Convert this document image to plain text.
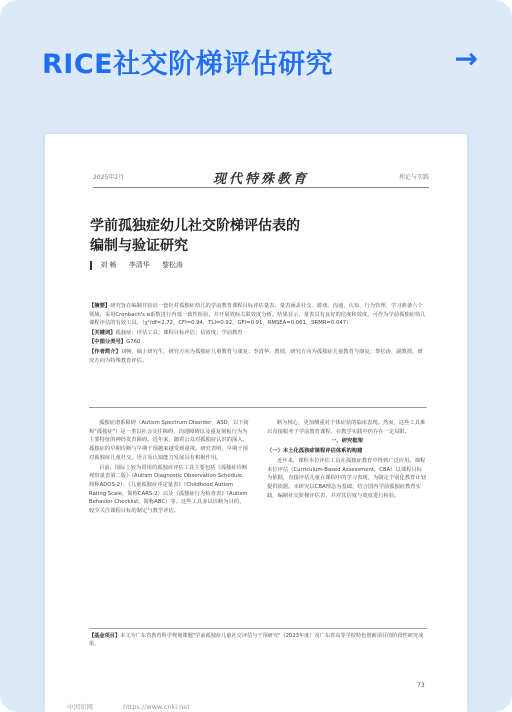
RICE社交阶梯评估研究	→
2025年2月	现代特殊教育	理论与实践
学前孤独症幼儿社交阶梯评估表的
编制与验证研究
刘 畅 李清华 黎松涛

【摘要】研究旨在编制并验证一套针对孤独症幼儿的学前教育课程目标评估量表。量表涵盖社交、游戏、沟通、认知、行为管理、学习准备六个领域，采用Cronbach's α系数进行内部一致性检验，并开展效标关联效度分析。结果显示，量表具有良好的信度和效度，可作为学前孤独症幼儿课程评估的有效工具。（χ²/df=2.72，CFI=0.94，TLI=0.92，GFI=0.91，RMSEA=0.061，SRMR=0.047）

【关键词】孤独症；评估工具；课程目标评估；信效度；学前教育

【中图分类号】G760

【作者简介】刘畅，硕士研究生，研究方向为孤独症儿童教育与康复；李清华，教授，研究方向为孤独症儿童教育与康复；黎松涛，副教授，研究方向为特殊教育评估。

孤独症谱系障碍（Autism Spectrum Disorder，ASD，以下简称"孤独症"）是一类以社会交往障碍、沟通障碍以及重复刻板行为为主要特征的神经发育障碍。近年来，随着公众对孤独症认识的深入，孤独症的早期诊断与早期干预越来越受到重视。研究表明，早期干预对孤独症儿童社交、语言及认知能力发展具有积极作用。

目前，国际上较为常用的孤独症评估工具主要包括《孤独症诊断观察量表第二版》（Autism Diagnostic Observation Schedule，简称ADOS-2）、《儿童孤独症评定量表》（Childhood Autism Rating Scale，简称CARS-2）以及《孤独症行为检查表》（Autism Behavior Checklist，简称ABC）等。这些工具多以诊断为目的，较少关注课程目标的制定与教学评估。

断为核心，更加侧重对个体症状的临床表现。然而，这些工具难以直接服务于学前教育课程，在教学实践中仍存在一定局限。

一、研究框架

（一）本土化孤独症课程评估体系的构建

近年来，课程本位评估工具在孤独症教育中得到广泛应用。课程本位评估（Curriculum-Based Assessment，CBA）以课程目标为依据，直接评估儿童在课程中的学习表现，为制定个别化教育计划提供依据。本研究以CBA理念为基础，结合国内学前孤独症教育实践，编制社交阶梯评估表，并对其信度与效度进行检验。

【基金项目】本文为广东省教育科学规划课题"学前孤独症儿童社交评估与干预研究"（2023年度）及广东省高等学校特色创新项目的阶段性研究成果。
73
中国知网	https://www.cnki.net
